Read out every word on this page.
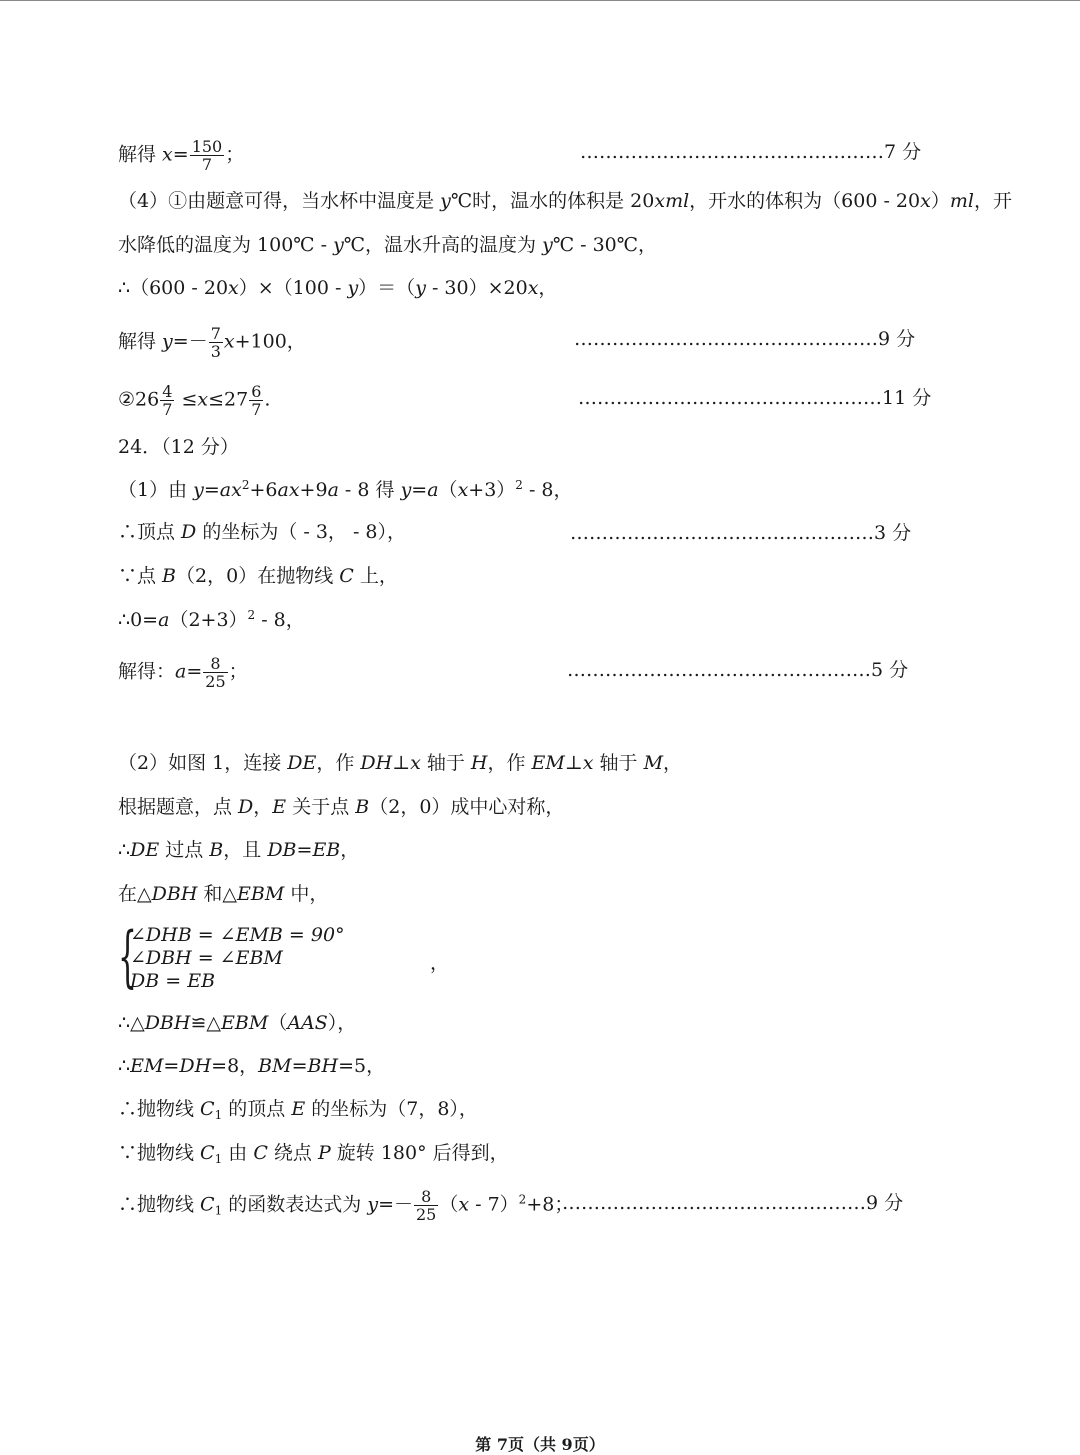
解得 $x= \frac{150}{7}$ ；	…………………………………………7 分
（4）①由题意可得，当水杯中温度是 y℃时，温水的体积是 20xml，开水的体积为（600 - 20x）ml，开
水降低的温度为 100℃ - y℃，温水升高的温度为 y℃ - 30℃，
∴（600 - 20x）×（100 - y）＝（y - 30）×20x，
解得 $y=- \frac{7}{3} x+100$，	…………………………………………9 分
②26 $\frac{4}{7} \le x\le 27 \frac{6}{7}$ .	…………………………………………11 分
24．（12 分）
（1）由 $y=ax^2+6ax+9a - 8$ 得 $y=a(x+3)^2 - 8$，
∴顶点 D 的坐标为（ - 3， - 8），	…………………………………………3 分
∵点 B（2，0）在抛物线 C 上，
$\therefore 0=a(2+3)^2 - 8$，
解得：$a= \frac{8}{25}$ ；	…………………………………………5 分
（2）如图 1，连接 DE，作 DH⊥x 轴于 H，作 EM⊥x 轴于 M，
根据题意，点 D，E 关于点 B（2，0）成中心对称，
∴DE 过点 B，且 DB=EB，
在△DBH 和△EBM 中，
{
∠DHB = ∠EMB = 90°
∠DBH = ∠EBM
DB = EB
，
∴△DBH≌△EBM（AAS），
∴EM=DH=8，BM=BH=5，
∴抛物线 $C_1$ 的顶点 E 的坐标为（7，8），
∵抛物线 $C_1$ 由 C 绕点 P 旋转 180° 后得到，
∴抛物线 $C_1$ 的函数表达式为 $y=- \frac{8}{25} (x - 7)^2+8$；
…………………………………………9 分
第 7页（共 9页）
